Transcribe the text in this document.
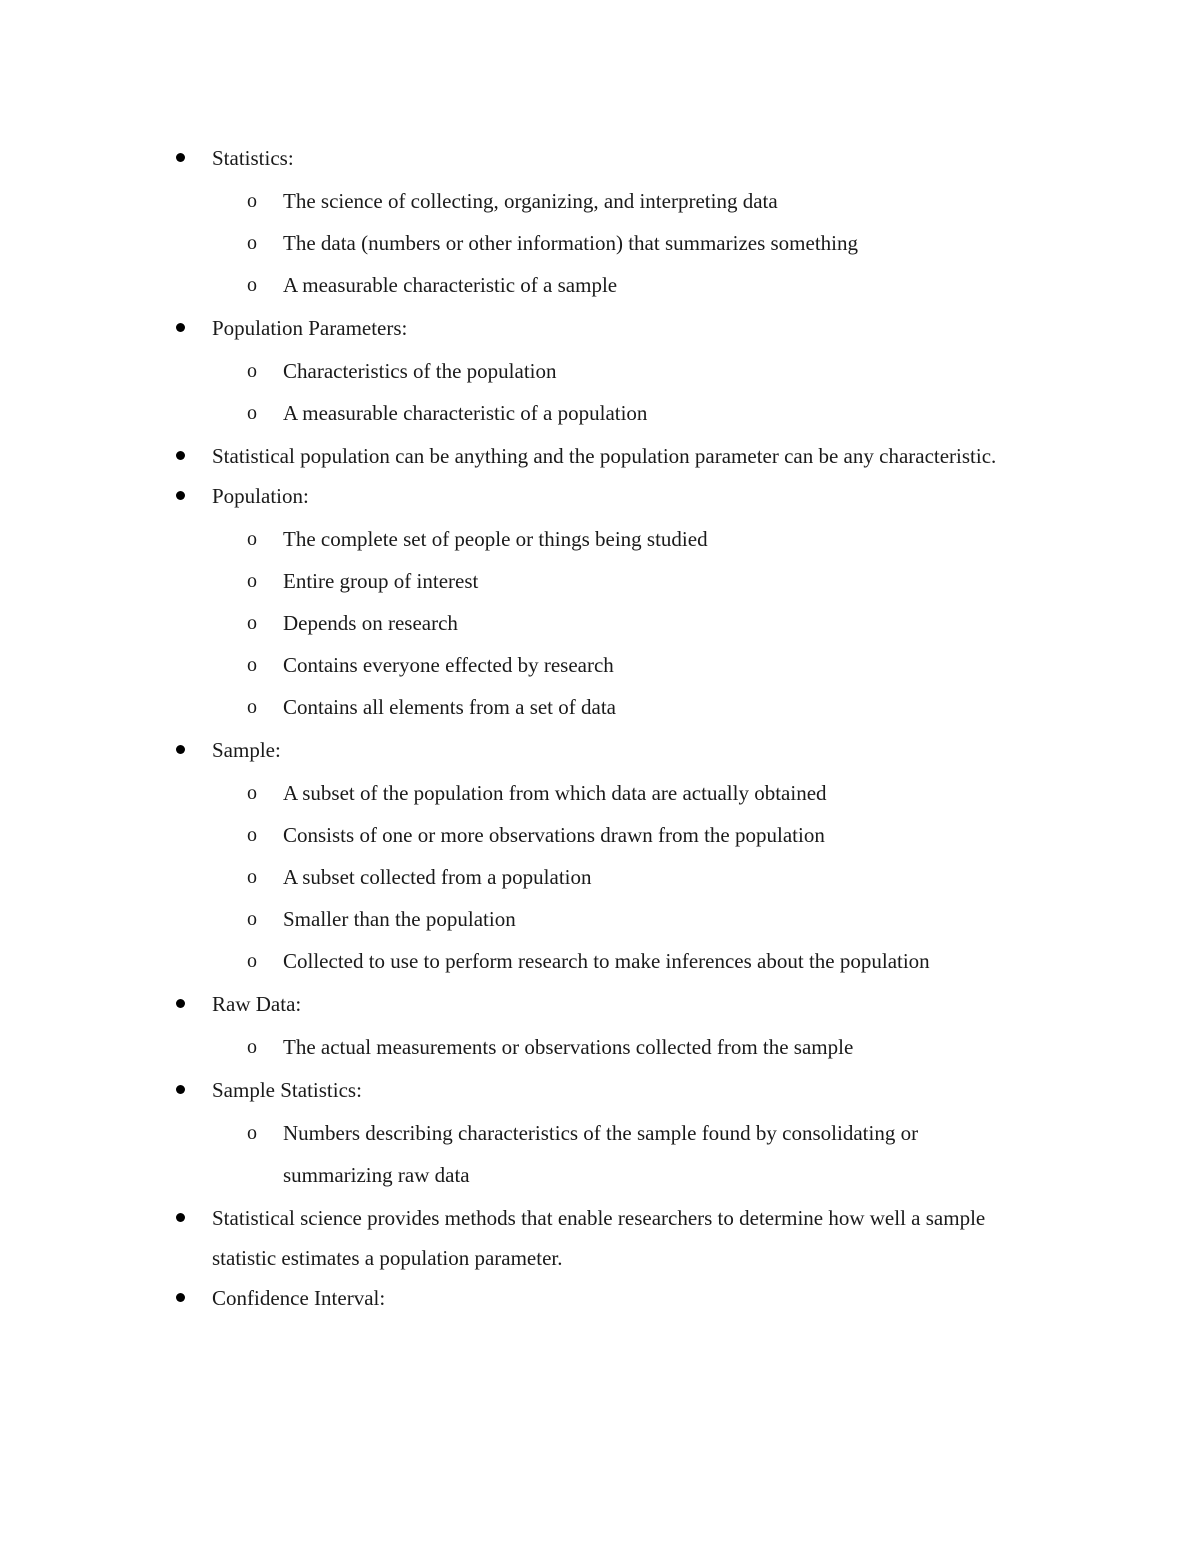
Statistics:
o The science of collecting, organizing, and interpreting data
o The data (numbers or other information) that summarizes something
o A measurable characteristic of a sample
Population Parameters:
o Characteristics of the population
o A measurable characteristic of a population
Statistical population can be anything and the population parameter can be any characteristic.
Population:
o The complete set of people or things being studied
o Entire group of interest
o Depends on research
o Contains everyone effected by research
o Contains all elements from a set of data
Sample:
o A subset of the population from which data are actually obtained
o Consists of one or more observations drawn from the population
o A subset collected from a population
o Smaller than the population
o Collected to use to perform research to make inferences about the population
Raw Data:
o The actual measurements or observations collected from the sample
Sample Statistics:
o Numbers describing characteristics of the sample found by consolidating or summarizing raw data
Statistical science provides methods that enable researchers to determine how well a sample statistic estimates a population parameter.
Confidence Interval:
